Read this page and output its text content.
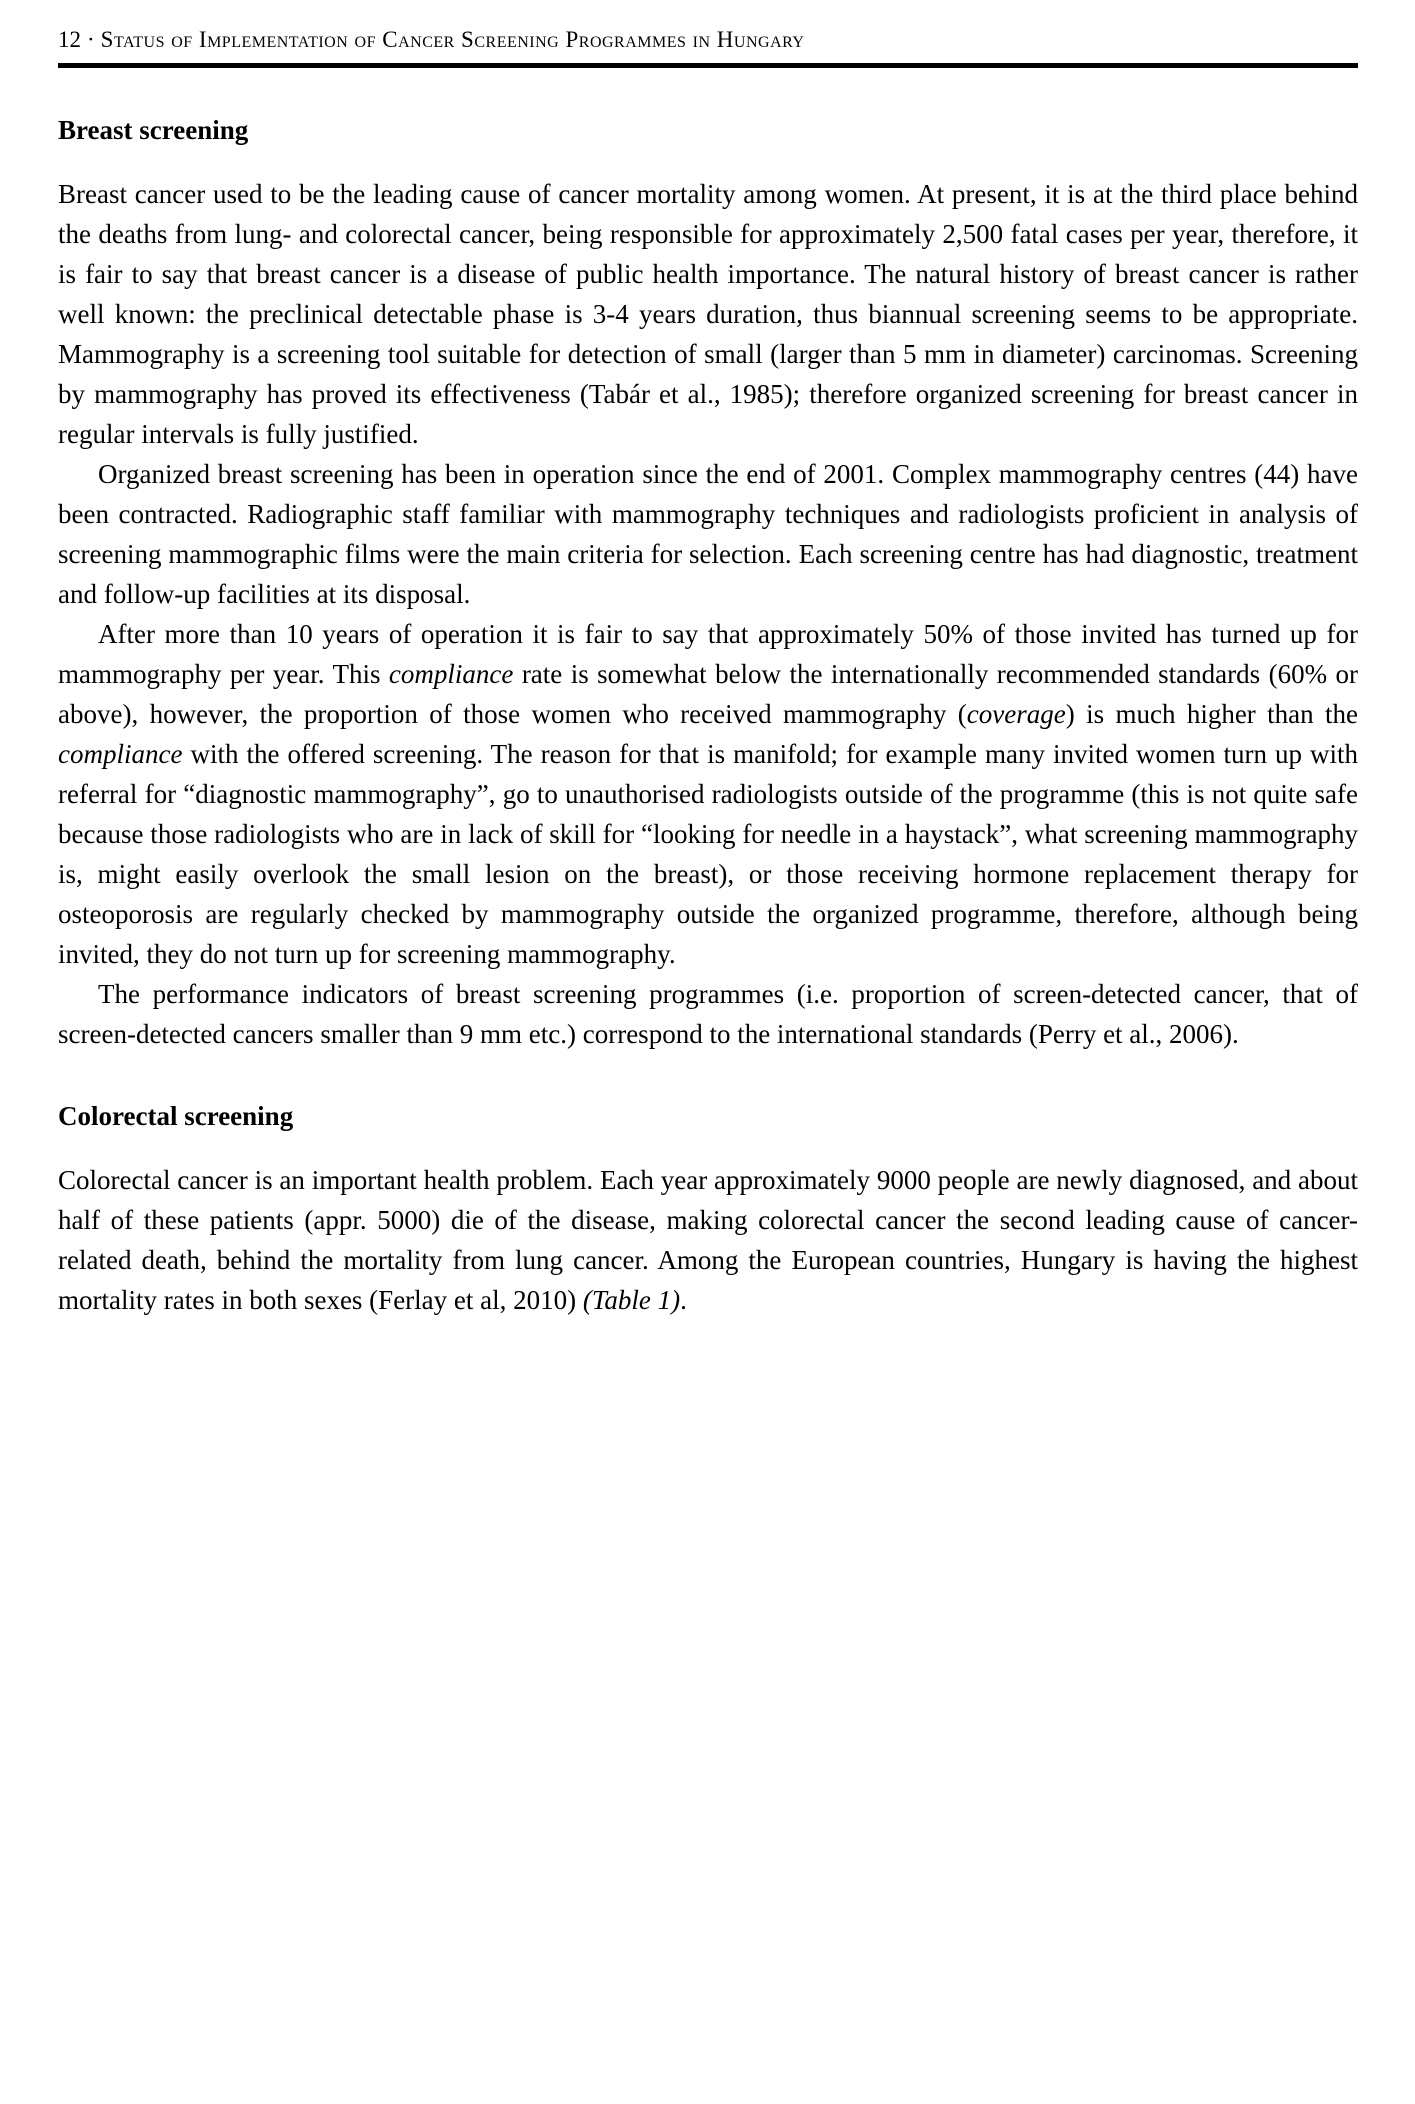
12 · Status of Implementation of Cancer Screening Programmes in Hungary
Breast screening

Breast cancer used to be the leading cause of cancer mortality among women. At present, it is at the third place behind the deaths from lung- and colorectal cancer, being responsible for approximately 2,500 fatal cases per year, therefore, it is fair to say that breast cancer is a disease of public health importance. The natural history of breast cancer is rather well known: the preclinical detectable phase is 3-4 years duration, thus biannual screening seems to be appropriate. Mammography is a screening tool suitable for detection of small (larger than 5 mm in diameter) carcinomas. Screening by mammography has proved its effectiveness (Tabár et al., 1985); therefore organized screening for breast cancer in regular intervals is fully justified.

Organized breast screening has been in operation since the end of 2001. Complex mammography centres (44) have been contracted. Radiographic staff familiar with mammography techniques and radiologists proficient in analysis of screening mammographic films were the main criteria for selection. Each screening centre has had diagnostic, treatment and follow-up facilities at its disposal.

After more than 10 years of operation it is fair to say that approximately 50% of those invited has turned up for mammography per year. This compliance rate is somewhat below the internationally recommended standards (60% or above), however, the proportion of those women who received mammography (coverage) is much higher than the compliance with the offered screening. The reason for that is manifold; for example many invited women turn up with referral for “diagnostic mammography”, go to unauthorised radiologists outside of the programme (this is not quite safe because those radiologists who are in lack of skill for “looking for needle in a haystack”, what screening mammography is, might easily overlook the small lesion on the breast), or those receiving hormone replacement therapy for osteoporosis are regularly checked by mammography outside the organized programme, therefore, although being invited, they do not turn up for screening mammography.

The performance indicators of breast screening programmes (i.e. proportion of screen-detected cancer, that of screen-detected cancers smaller than 9 mm etc.) correspond to the international standards (Perry et al., 2006).

Colorectal screening

Colorectal cancer is an important health problem. Each year approximately 9000 people are newly diagnosed, and about half of these patients (appr. 5000) die of the disease, making colorectal cancer the second leading cause of cancer-related death, behind the mortality from lung cancer. Among the European countries, Hungary is having the highest mortality rates in both sexes (Ferlay et al, 2010) (Table 1).
